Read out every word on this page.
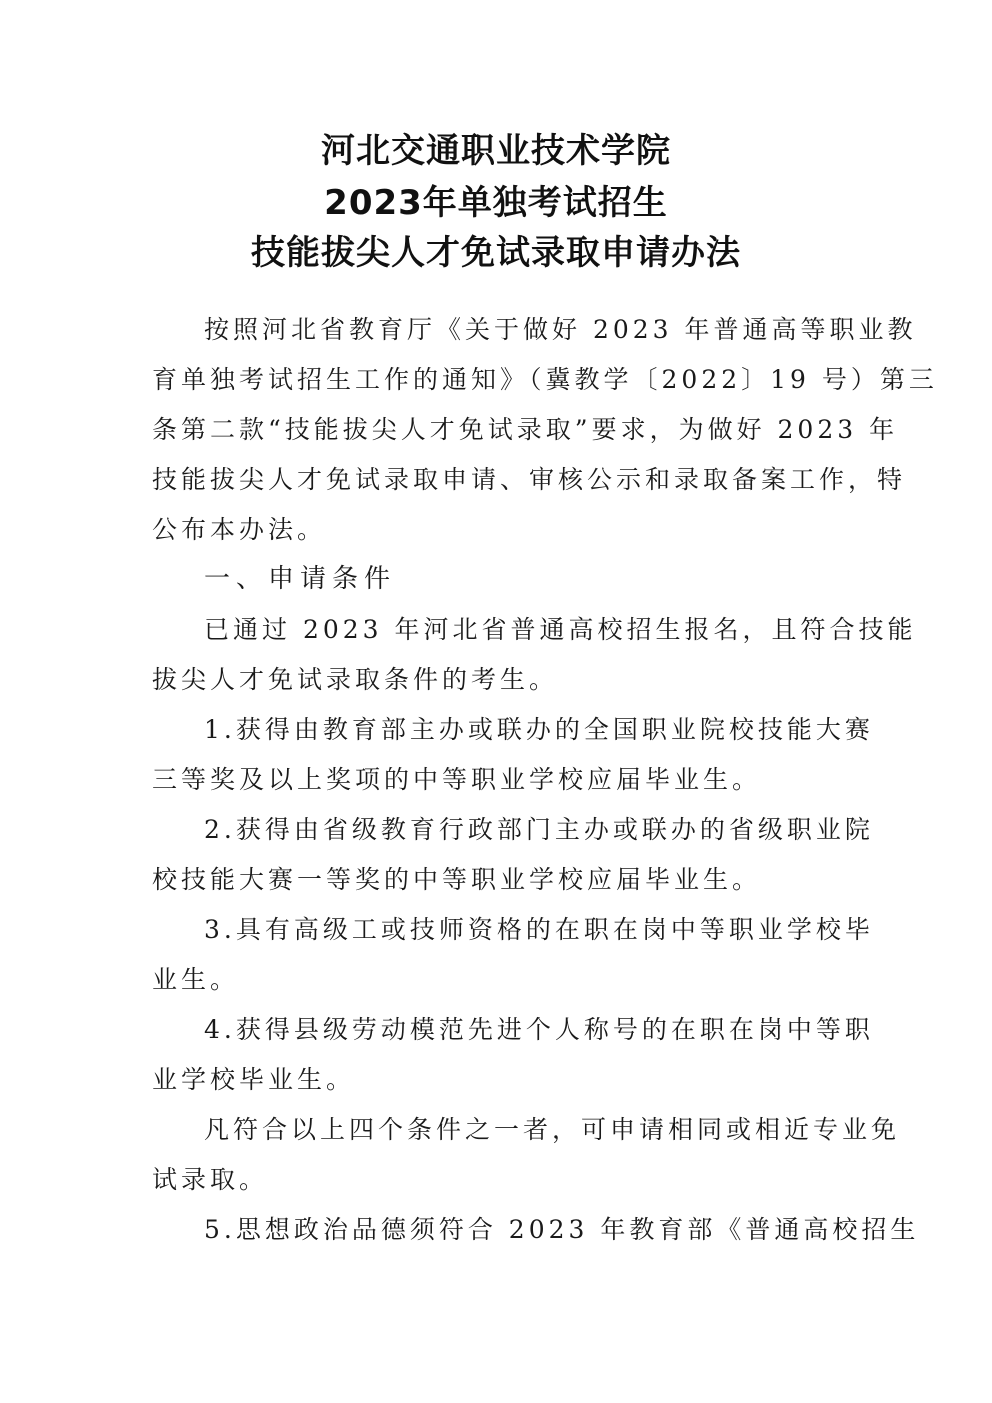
河北交通职业技术学院
2023年单独考试招生
技能拔尖人才免试录取申请办法
按照河北省教育厅《关于做好 2023 年普通高等职业教
育单独考试招生工作的通知》（冀教学〔2022〕19 号）第三
条第二款“技能拔尖人才免试录取”要求，为做好 2023 年
技能拔尖人才免试录取申请、审核公示和录取备案工作，特
公布本办法。
一、申请条件
已通过 2023 年河北省普通高校招生报名，且符合技能
拔尖人才免试录取条件的考生。
1.获得由教育部主办或联办的全国职业院校技能大赛
三等奖及以上奖项的中等职业学校应届毕业生。
2.获得由省级教育行政部门主办或联办的省级职业院
校技能大赛一等奖的中等职业学校应届毕业生。
3.具有高级工或技师资格的在职在岗中等职业学校毕
业生。
4.获得县级劳动模范先进个人称号的在职在岗中等职
业学校毕业生。
凡符合以上四个条件之一者，可申请相同或相近专业免
试录取。
5.思想政治品德须符合 2023 年教育部《普通高校招生
